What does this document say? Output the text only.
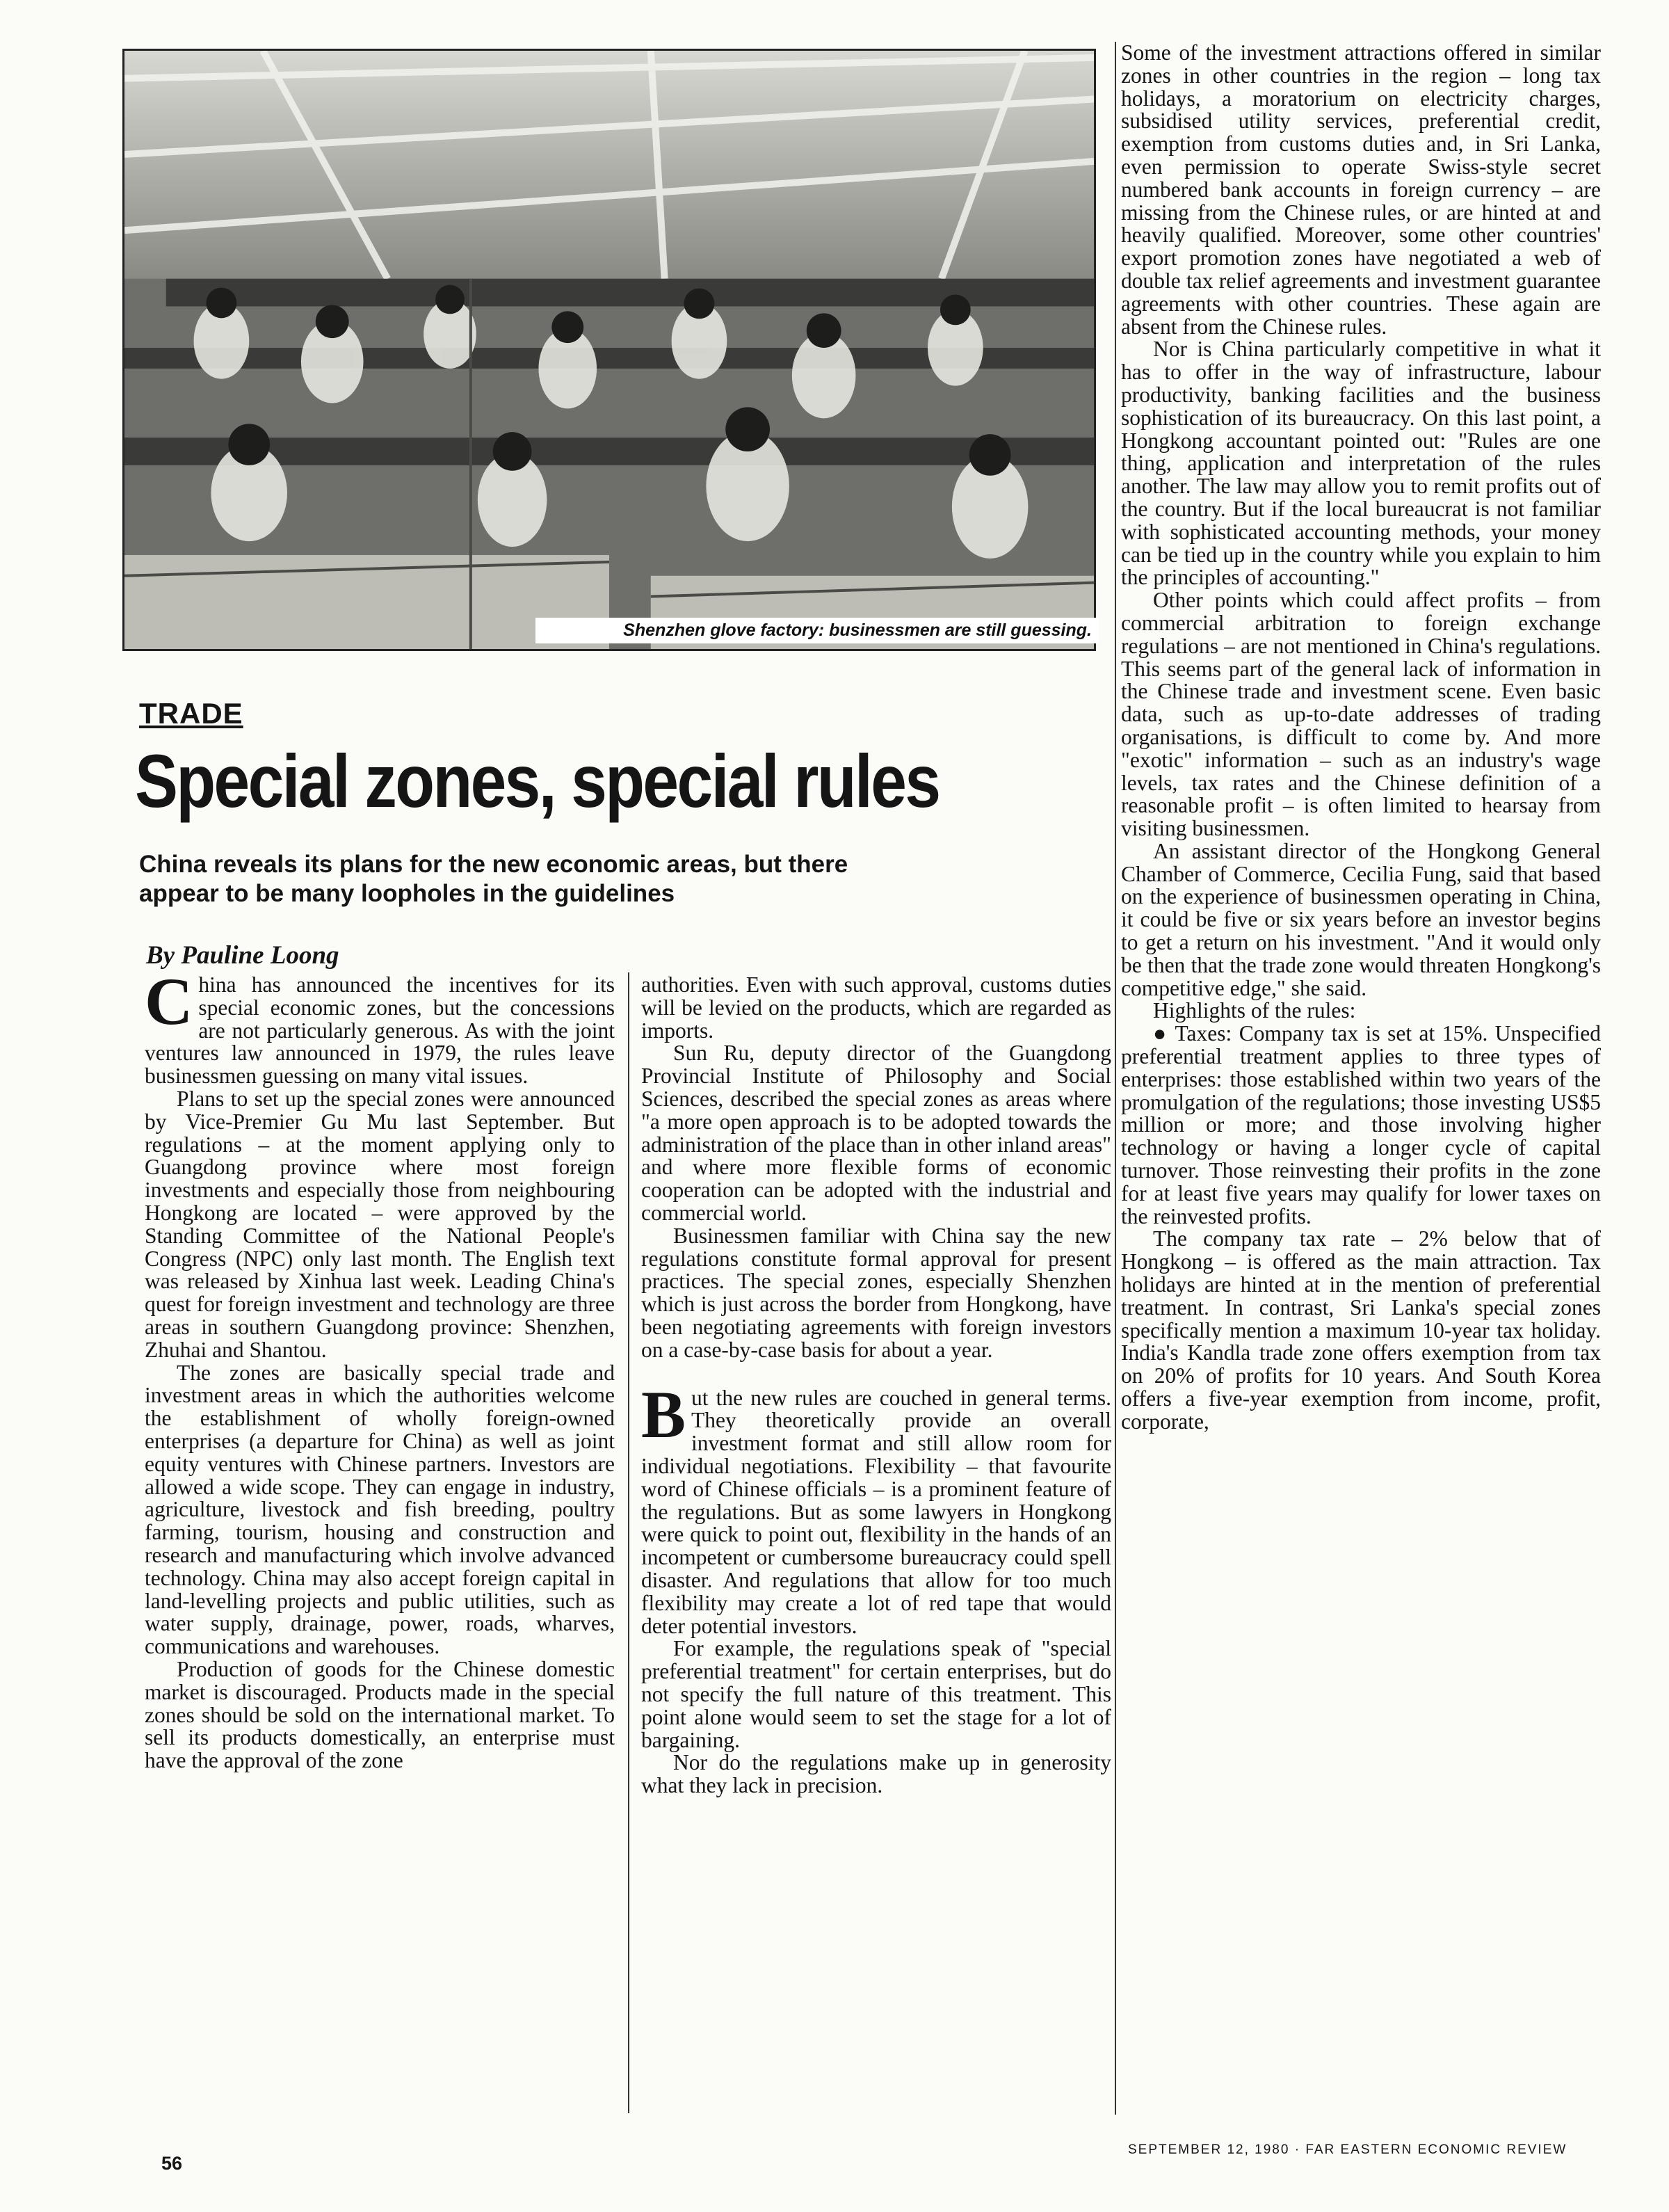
Shenzhen glove factory: businessmen are still guessing.
TRADE
Special zones, special rules
China reveals its plans for the new economic areas, but there appear to be many loopholes in the guidelines
By Pauline Loong

China has announced the incentives for its special economic zones, but the concessions are not particularly generous. As with the joint ventures law announced in 1979, the rules leave businessmen guessing on many vital issues.

Plans to set up the special zones were announced by Vice-Premier Gu Mu last September. But regulations – at the moment applying only to Guangdong province where most foreign investments and especially those from neighbouring Hongkong are located – were approved by the Standing Committee of the National People's Congress (NPC) only last month. The English text was released by Xinhua last week. Leading China's quest for foreign investment and technology are three areas in southern Guangdong province: Shenzhen, Zhuhai and Shantou.

The zones are basically special trade and investment areas in which the authorities welcome the establishment of wholly foreign-owned enterprises (a departure for China) as well as joint equity ventures with Chinese partners. Investors are allowed a wide scope. They can engage in industry, agriculture, livestock and fish breeding, poultry farming, tourism, housing and construction and research and manufacturing which involve advanced technology. China may also accept foreign capital in land-levelling projects and public utilities, such as water supply, drainage, power, roads, wharves, communications and warehouses.

Production of goods for the Chinese domestic market is discouraged. Products made in the special zones should be sold on the international market. To sell its products domestically, an enterprise must have the approval of the zone

authorities. Even with such approval, customs duties will be levied on the products, which are regarded as imports.

Sun Ru, deputy director of the Guangdong Provincial Institute of Philosophy and Social Sciences, described the special zones as areas where "a more open approach is to be adopted towards the administration of the place than in other inland areas" and where more flexible forms of economic cooperation can be adopted with the industrial and commercial world.

Businessmen familiar with China say the new regulations constitute formal approval for present practices. The special zones, especially Shenzhen which is just across the border from Hongkong, have been negotiating agreements with foreign investors on a case-by-case basis for about a year.

But the new rules are couched in general terms. They theoretically provide an overall investment format and still allow room for individual negotiations. Flexibility – that favourite word of Chinese officials – is a prominent feature of the regulations. But as some lawyers in Hongkong were quick to point out, flexibility in the hands of an incompetent or cumbersome bureaucracy could spell disaster. And regulations that allow for too much flexibility may create a lot of red tape that would deter potential investors.

For example, the regulations speak of "special preferential treatment" for certain enterprises, but do not specify the full nature of this treatment. This point alone would seem to set the stage for a lot of bargaining.

Nor do the regulations make up in generosity what they lack in precision.

Some of the investment attractions offered in similar zones in other countries in the region – long tax holidays, a moratorium on electricity charges, subsidised utility services, preferential credit, exemption from customs duties and, in Sri Lanka, even permission to operate Swiss-style secret numbered bank accounts in foreign currency – are missing from the Chinese rules, or are hinted at and heavily qualified. Moreover, some other countries' export promotion zones have negotiated a web of double tax relief agreements and investment guarantee agreements with other countries. These again are absent from the Chinese rules.

Nor is China particularly competitive in what it has to offer in the way of infrastructure, labour productivity, banking facilities and the business sophistication of its bureaucracy. On this last point, a Hongkong accountant pointed out: "Rules are one thing, application and interpretation of the rules another. The law may allow you to remit profits out of the country. But if the local bureaucrat is not familiar with sophisticated accounting methods, your money can be tied up in the country while you explain to him the principles of accounting."

Other points which could affect profits – from commercial arbitration to foreign exchange regulations – are not mentioned in China's regulations. This seems part of the general lack of information in the Chinese trade and investment scene. Even basic data, such as up-to-date addresses of trading organisations, is difficult to come by. And more "exotic" information – such as an industry's wage levels, tax rates and the Chinese definition of a reasonable profit – is often limited to hearsay from visiting businessmen.

An assistant director of the Hongkong General Chamber of Commerce, Cecilia Fung, said that based on the experience of businessmen operating in China, it could be five or six years before an investor begins to get a return on his investment. "And it would only be then that the trade zone would threaten Hongkong's competitive edge," she said.

Highlights of the rules:

● Taxes: Company tax is set at 15%. Unspecified preferential treatment applies to three types of enterprises: those established within two years of the promulgation of the regulations; those investing US$5 million or more; and those involving higher technology or having a longer cycle of capital turnover. Those reinvesting their profits in the zone for at least five years may qualify for lower taxes on the reinvested profits.

The company tax rate – 2% below that of Hongkong – is offered as the main attraction. Tax holidays are hinted at in the mention of preferential treatment. In contrast, Sri Lanka's special zones specifically mention a maximum 10-year tax holiday. India's Kandla trade zone offers exemption from tax on 20% of profits for 10 years. And South Korea offers a five-year exemption from income, profit, corporate,

56
SEPTEMBER 12, 1980 · FAR EASTERN ECONOMIC REVIEW
